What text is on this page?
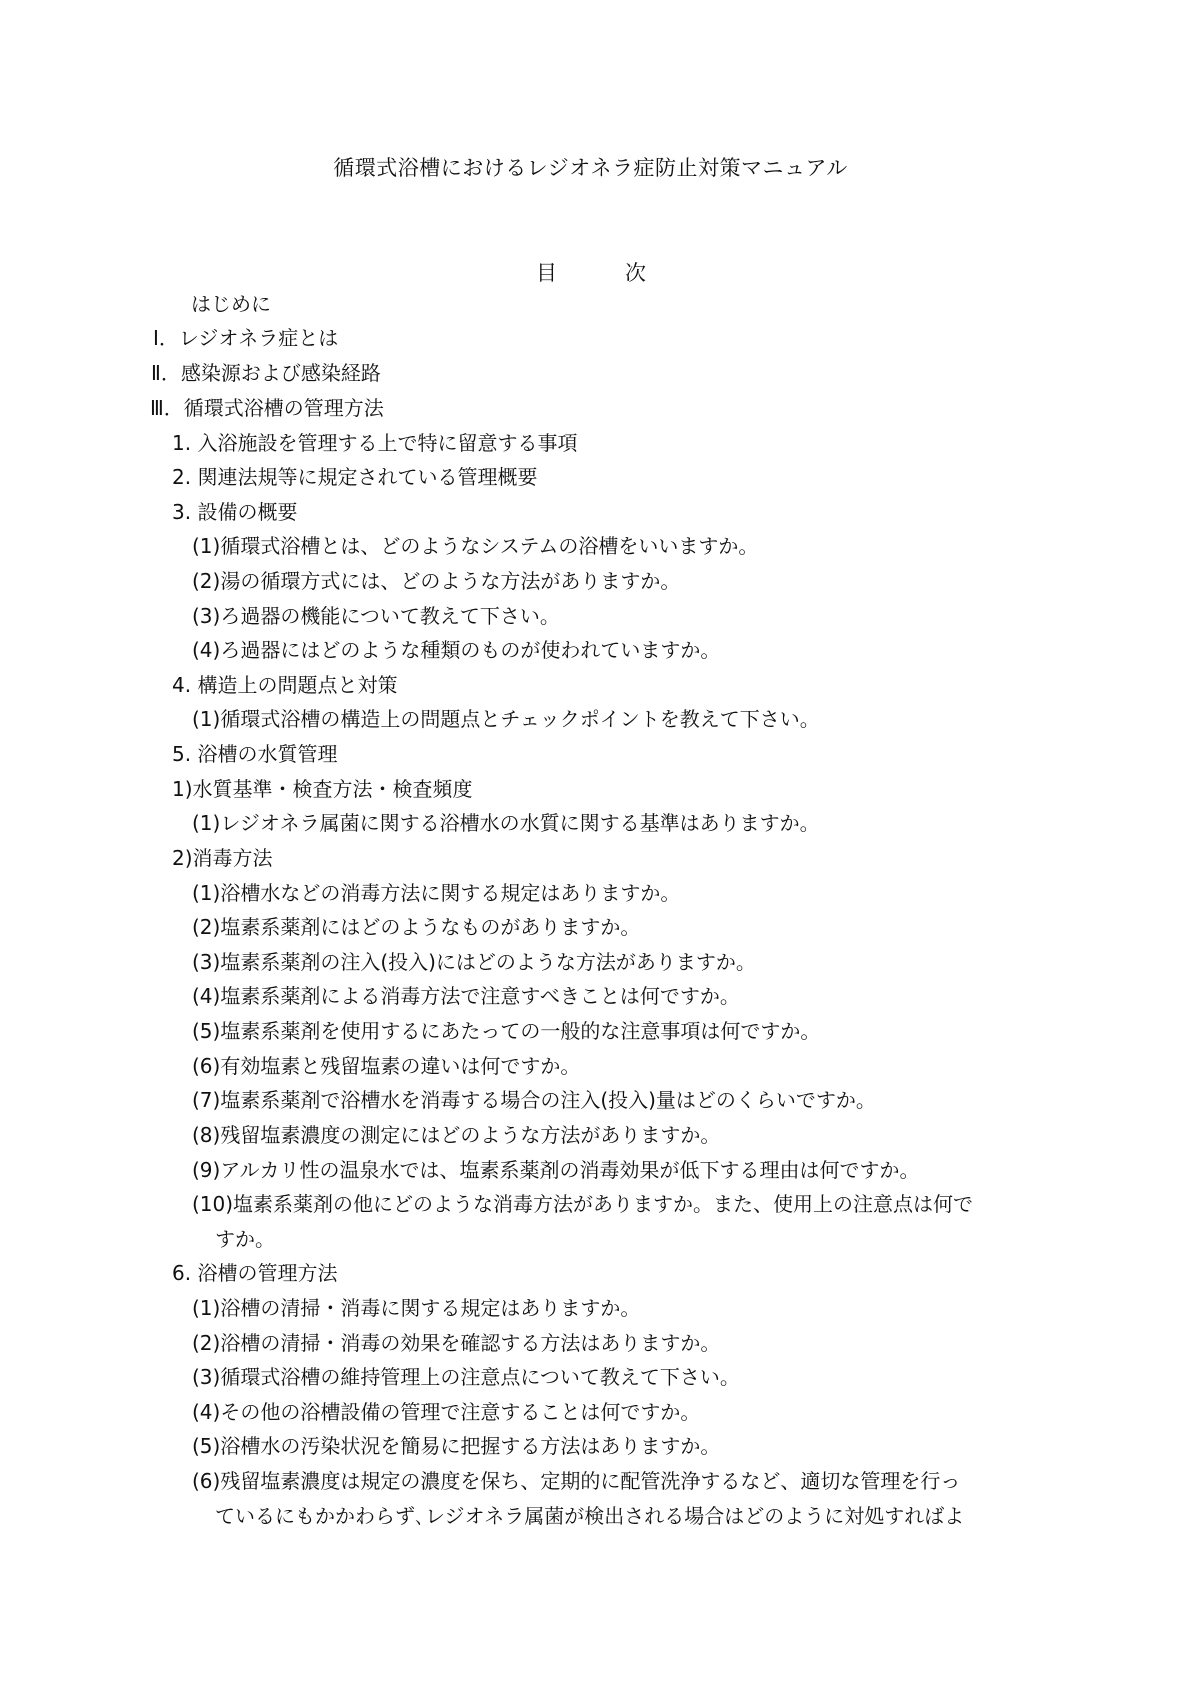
循環式浴槽におけるレジオネラ症防止対策マニュアル
目	次
はじめに
Ⅰ．レジオネラ症とは
Ⅱ．感染源および感染経路
Ⅲ．循環式浴槽の管理方法
1. 入浴施設を管理する上で特に留意する事項
2. 関連法規等に規定されている管理概要
3. 設備の概要
(1)循環式浴槽とは、どのようなシステムの浴槽をいいますか。
(2)湯の循環方式には、どのような方法がありますか。
(3)ろ過器の機能について教えて下さい。
(4)ろ過器にはどのような種類のものが使われていますか。
4. 構造上の問題点と対策
(1)循環式浴槽の構造上の問題点とチェックポイントを教えて下さい。
5. 浴槽の水質管理
1)水質基準・検査方法・検査頻度
(1)レジオネラ属菌に関する浴槽水の水質に関する基準はありますか。
2)消毒方法
(1)浴槽水などの消毒方法に関する規定はありますか。
(2)塩素系薬剤にはどのようなものがありますか。
(3)塩素系薬剤の注入(投入)にはどのような方法がありますか。
(4)塩素系薬剤による消毒方法で注意すべきことは何ですか。
(5)塩素系薬剤を使用するにあたっての一般的な注意事項は何ですか。
(6)有効塩素と残留塩素の違いは何ですか。
(7)塩素系薬剤で浴槽水を消毒する場合の注入(投入)量はどのくらいですか。
(8)残留塩素濃度の測定にはどのような方法がありますか。
(9)アルカリ性の温泉水では、塩素系薬剤の消毒効果が低下する理由は何ですか。
(10)塩素系薬剤の他にどのような消毒方法がありますか。また、使用上の注意点は何で
すか。
6. 浴槽の管理方法
(1)浴槽の清掃・消毒に関する規定はありますか。
(2)浴槽の清掃・消毒の効果を確認する方法はありますか。
(3)循環式浴槽の維持管理上の注意点について教えて下さい。
(4)その他の浴槽設備の管理で注意することは何ですか。
(5)浴槽水の汚染状況を簡易に把握する方法はありますか。
(6)残留塩素濃度は規定の濃度を保ち、定期的に配管洗浄するなど、適切な管理を行っ
ているにもかかわらず､レジオネラ属菌が検出される場合はどのように対処すればよ
